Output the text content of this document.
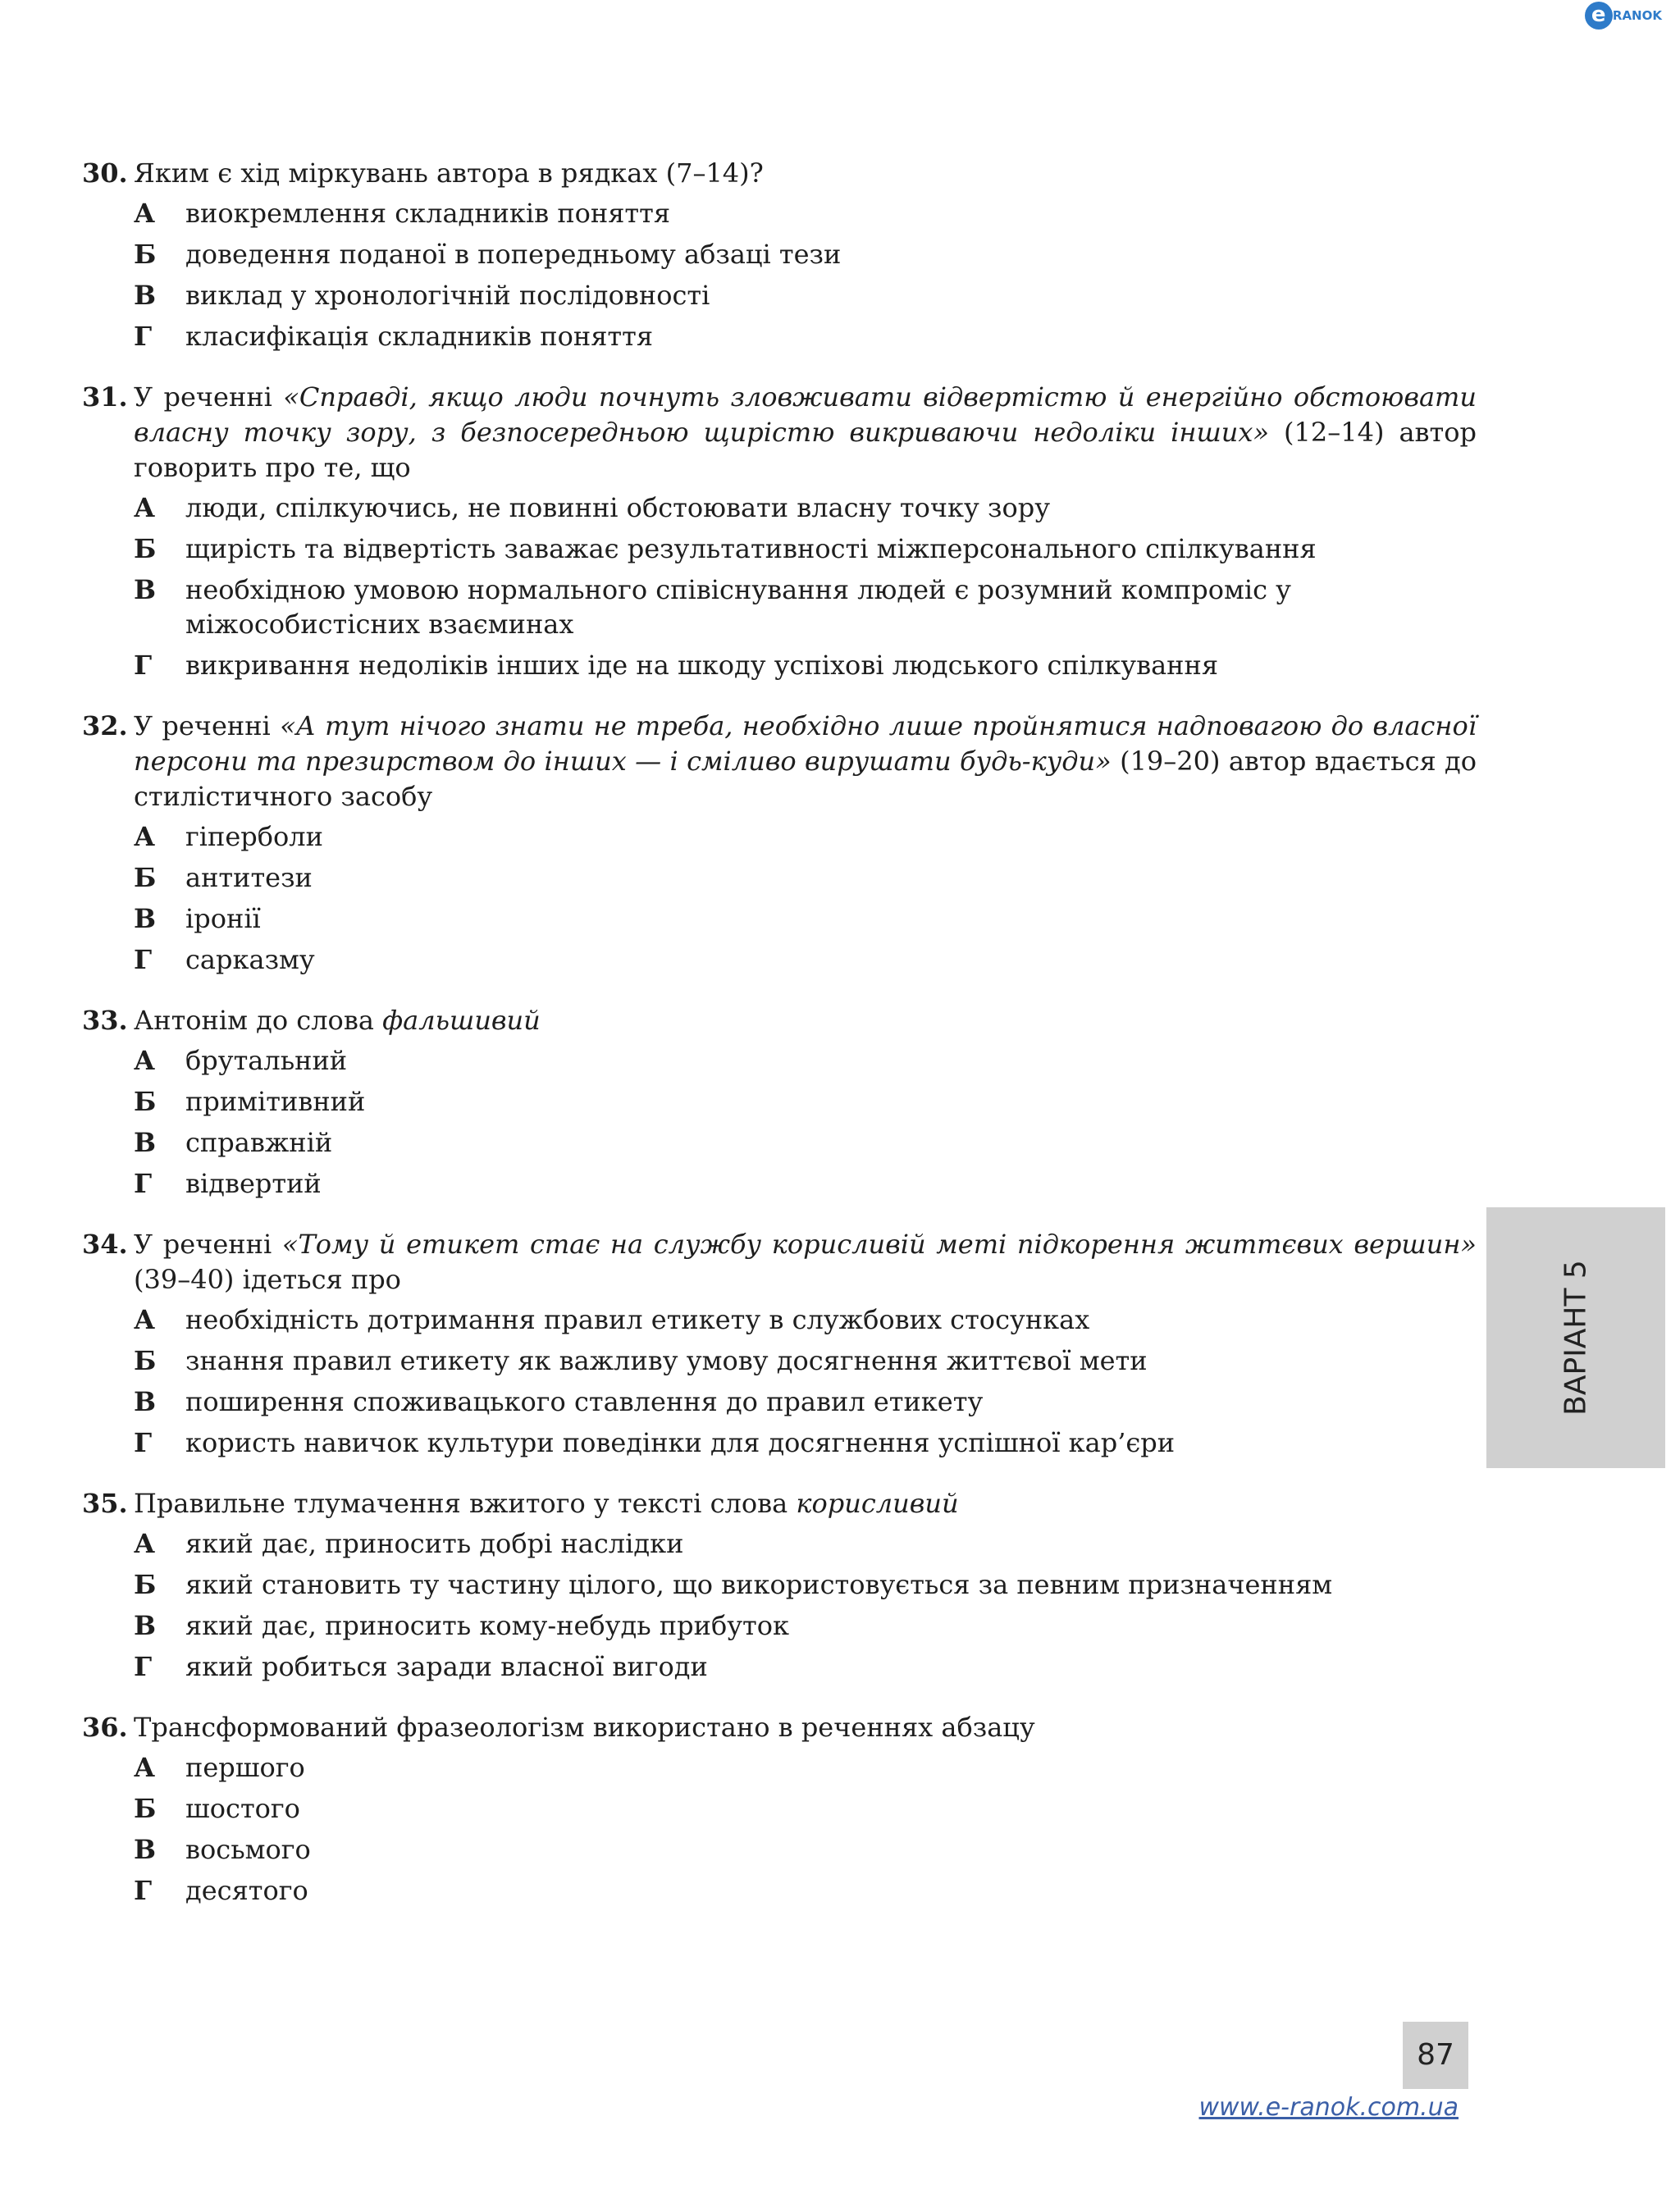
e -RANOK
30. Яким є хід міркувань автора в рядках (7–14)?
А	виокремлення складників поняття
Б	доведення поданої в попередньому абзаці тези
В	виклад у хронологічній послідовності
Г	класифікація складників поняття
31. У реченні «Справді, якщо люди почнуть зловживати відвертістю й енергійно обстоювати власну точку зору, з безпосередньою щирістю викриваючи недоліки інших» (12–14) автор говорить про те, що
А	люди, спілкуючись, не повинні обстоювати власну точку зору
Б	щирість та відвертість заважає результативності міжперсонального спілкування
В	необхідною умовою нормального співіснування людей є розумний компроміс у міжособистісних взаєминах
Г	викривання недоліків інших іде на шкоду успіхові людського спілкування
32. У реченні «А тут нічого знати не треба, необхідно лише пройнятися надповагою до власної персони та презирством до інших — і сміливо вирушати будь-куди» (19–20) автор вдається до стилістичного засобу
А	гіперболи
Б	антитези
В	іронії
Г	сарказму
33. Антонім до слова фальшивий
А	брутальний
Б	примітивний
В	справжній
Г	відвертий
34. У реченні «Тому й етикет стає на службу корисливій меті підкорення життєвих вершин» (39–40) ідеться про
А	необхідність дотримання правил етикету в службових стосунках
Б	знання правил етикету як важливу умову досягнення життєвої мети
В	поширення споживацького ставлення до правил етикету
Г	користь навичок культури поведінки для досягнення успішної кар’єри
35. Правильне тлумачення вжитого у тексті слова корисливий
А	який дає, приносить добрі наслідки
Б	який становить ту частину цілого, що використовується за певним призначенням
В	який дає, приносить кому-небудь прибуток
Г	який робиться заради власної вигоди
36. Трансформований фразеологізм використано в реченнях абзацу
А	першого
Б	шостого
В	восьмого
Г	десятого
ВАРІАНТ 5
87
www.e-ranok.com.ua
